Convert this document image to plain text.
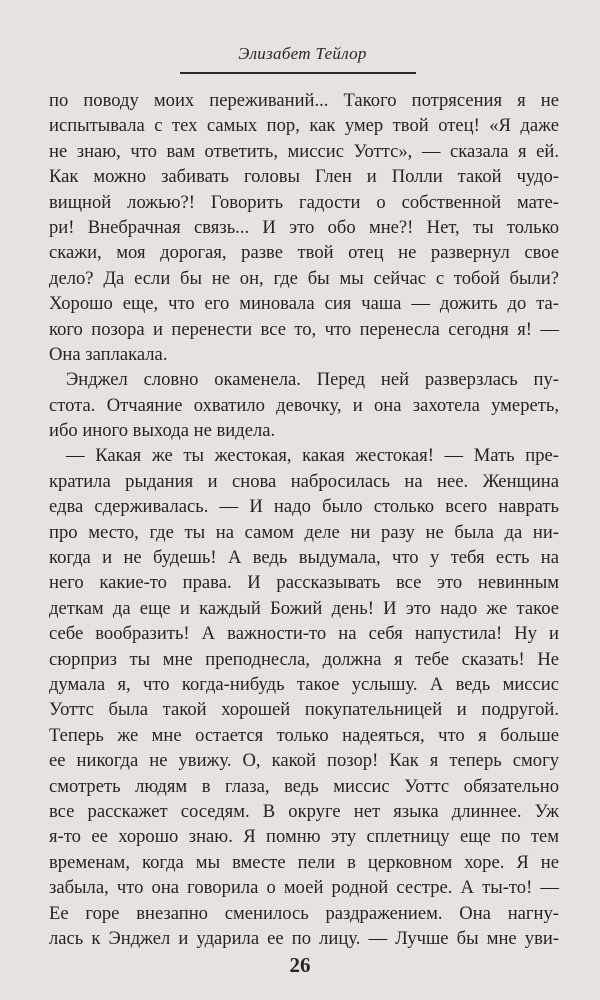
Элизабет Тейлор
по поводу моих переживаний... Такого потрясения я не
испытывала с тех самых пор, как умер твой отец! «Я даже
не знаю, что вам ответить, миссис Уоттс», — сказала я ей.
Как можно забивать головы Глен и Полли такой чудо-
вищной ложью?! Говорить гадости о собственной мате-
ри! Внебрачная связь... И это обо мне?! Нет, ты только
скажи, моя дорогая, разве твой отец не развернул свое
дело? Да если бы не он, где бы мы сейчас с тобой были?
Хорошо еще, что его миновала сия чаша — дожить до та-
кого позора и перенести все то, что перенесла сегодня я! —
Она заплакала.
Энджел словно окаменела. Перед ней разверзлась пу-
стота. Отчаяние охватило девочку, и она захотела умереть,
ибо иного выхода не видела.
— Какая же ты жестокая, какая жестокая! — Мать пре-
кратила рыдания и снова набросилась на нее. Женщина
едва сдерживалась. — И надо было столько всего наврать
про место, где ты на самом деле ни разу не была да ни-
когда и не будешь! А ведь выдумала, что у тебя есть на
него какие-то права. И рассказывать все это невинным
деткам да еще и каждый Божий день! И это надо же такое
себе вообразить! А важности-то на себя напустила! Ну и
сюрприз ты мне преподнесла, должна я тебе сказать! Не
думала я, что когда-нибудь такое услышу. А ведь миссис
Уоттс была такой хорошей покупательницей и подругой.
Теперь же мне остается только надеяться, что я больше
ее никогда не увижу. О, какой позор! Как я теперь смогу
смотреть людям в глаза, ведь миссис Уоттс обязательно
все расскажет соседям. В округе нет языка длиннее. Уж
я-то ее хорошо знаю. Я помню эту сплетницу еще по тем
временам, когда мы вместе пели в церковном хоре. Я не
забыла, что она говорила о моей родной сестре. А ты-то! —
Ее горе внезапно сменилось раздражением. Она нагну-
лась к Энджел и ударила ее по лицу. — Лучше бы мне уви-
26
